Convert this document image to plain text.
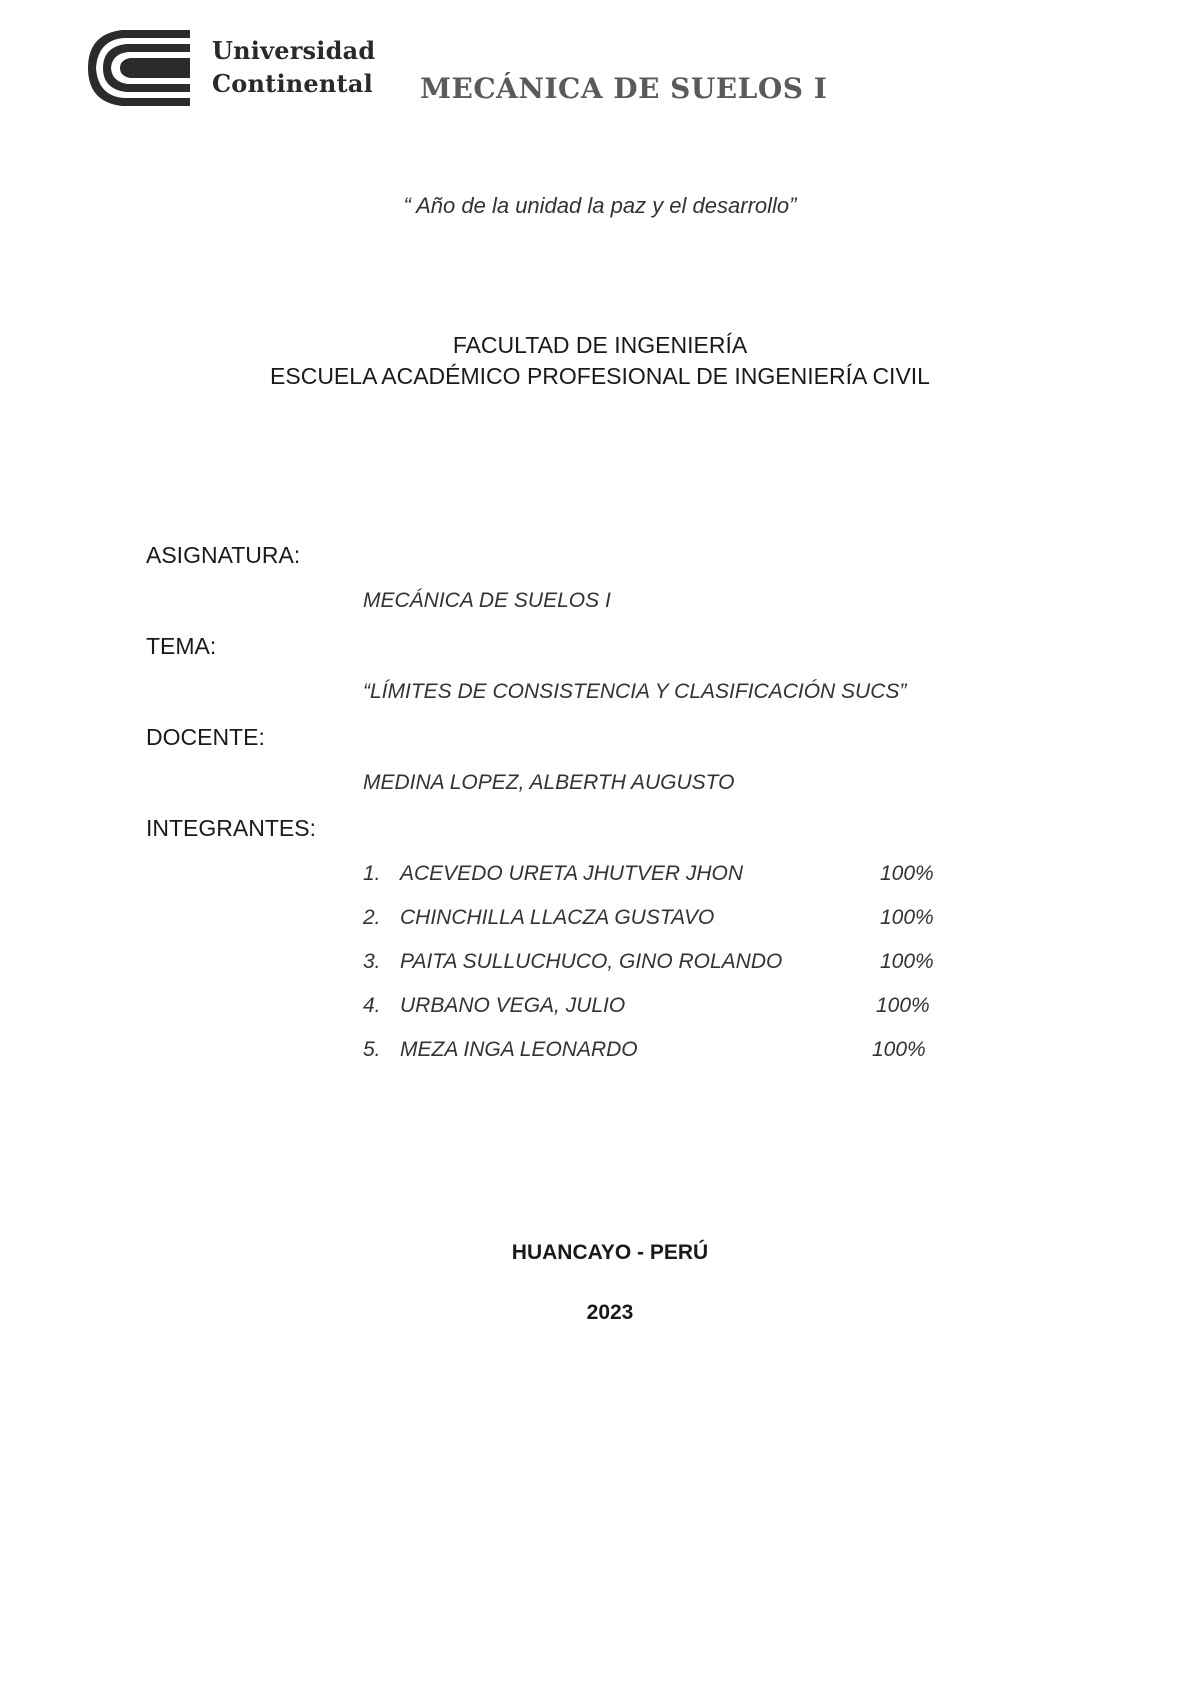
Universidad
Continental MECÁNICA DE SUELOS I
“ Año de la unidad la paz y el desarrollo”
FACULTAD DE INGENIERÍA
ESCUELA ACADÉMICO PROFESIONAL DE INGENIERÍA CIVIL
ASIGNATURA:
MECÁNICA DE SUELOS I
TEMA:
“LÍMITES DE CONSISTENCIA Y CLASIFICACIÓN SUCS”
DOCENTE:
MEDINA LOPEZ, ALBERTH AUGUSTO
INTEGRANTES:
1. ACEVEDO URETA JHUTVER JHON	100%
2. CHINCHILLA LLACZA GUSTAVO	100%
3. PAITA SULLUCHUCO, GINO ROLANDO	100%
4. URBANO VEGA, JULIO	100%
5. MEZA INGA LEONARDO	100%
HUANCAYO - PERÚ
2023
